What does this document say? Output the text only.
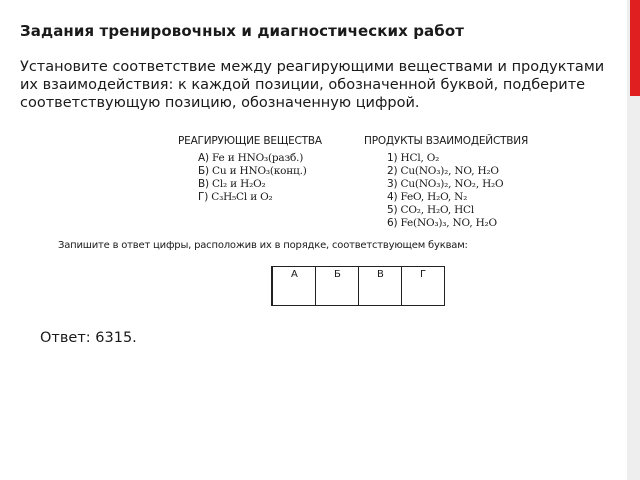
Задания тренировочных и диагностических работ
Установите соответствие между реагирующими веществами и продуктами их взаимодействия: к каждой позиции, обозначенной буквой, подберите соответствующую позицию, обозначенную цифрой.
РЕАГИРУЮЩИЕ ВЕЩЕСТВА	ПРОДУКТЫ ВЗАИМОДЕЙСТВИЯ
А) Fe и HNO₃(разб.)
Б) Cu и HNO₃(конц.)
В) Cl₂ и H₂O₂
Г) C₃H₅Cl и O₂
1) HCl, O₂
2) Cu(NO₃)₂, NO, H₂O
3) Cu(NO₃)₂, NO₂, H₂O
4) FeO, H₂O, N₂
5) CO₂, H₂O, HCl
6) Fe(NO₃)₃, NO, H₂O
Запишите в ответ цифры, расположив их в порядке, соответствующем буквам:
А	Б	В	Г
Ответ: 6315.
